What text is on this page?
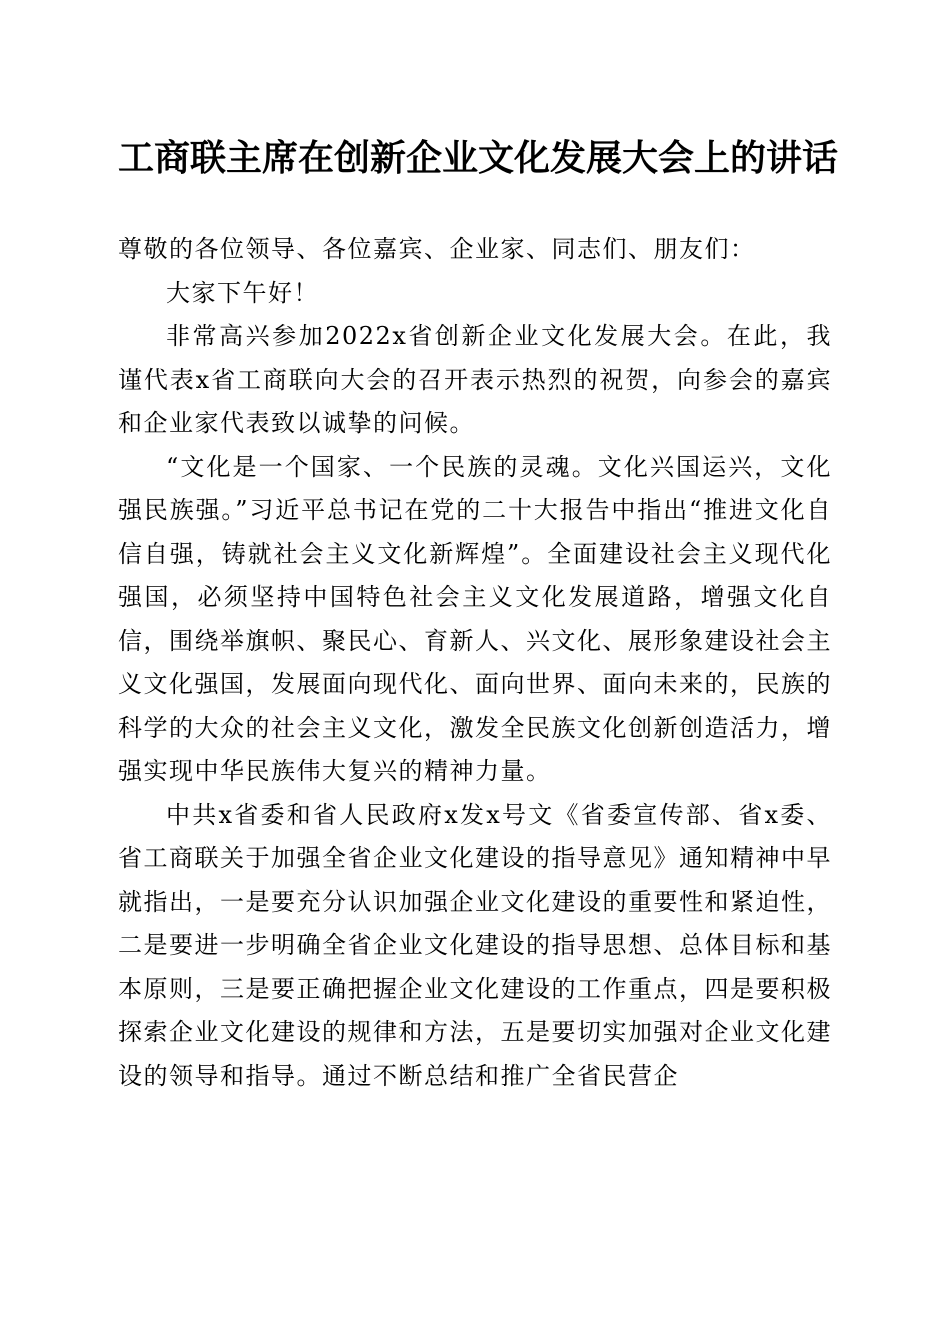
工商联主席在创新企业文化发展大会上的讲话

尊敬的各位领导、各位嘉宾、企业家、同志们、朋友们：

大家下午好！

非常高兴参加2022x省创新企业文化发展大会。在此，我谨代表x省工商联向大会的召开表示热烈的祝贺，向参会的嘉宾和企业家代表致以诚挚的问候。

“文化是一个国家、一个民族的灵魂。文化兴国运兴，文化强民族强。”习近平总书记在党的二十大报告中指出“推进文化自信自强，铸就社会主义文化新辉煌”。全面建设社会主义现代化强国，必须坚持中国特色社会主义文化发展道路，增强文化自信，围绕举旗帜、聚民心、育新人、兴文化、展形象建设社会主义文化强国，发展面向现代化、面向世界、面向未来的，民族的科学的大众的社会主义文化，激发全民族文化创新创造活力，增强实现中华民族伟大复兴的精神力量。

中共x省委和省人民政府x发x号文《省委宣传部、省x委、省工商联关于加强全省企业文化建设的指导意见》通知精神中早就指出，一是要充分认识加强企业文化建设的重要性和紧迫性，二是要进一步明确全省企业文化建设的指导思想、总体目标和基本原则，三是要正确把握企业文化建设的工作重点，四是要积极探索企业文化建设的规律和方法，五是要切实加强对企业文化建设的领导和指导。通过不断总结和推广全省民营企
